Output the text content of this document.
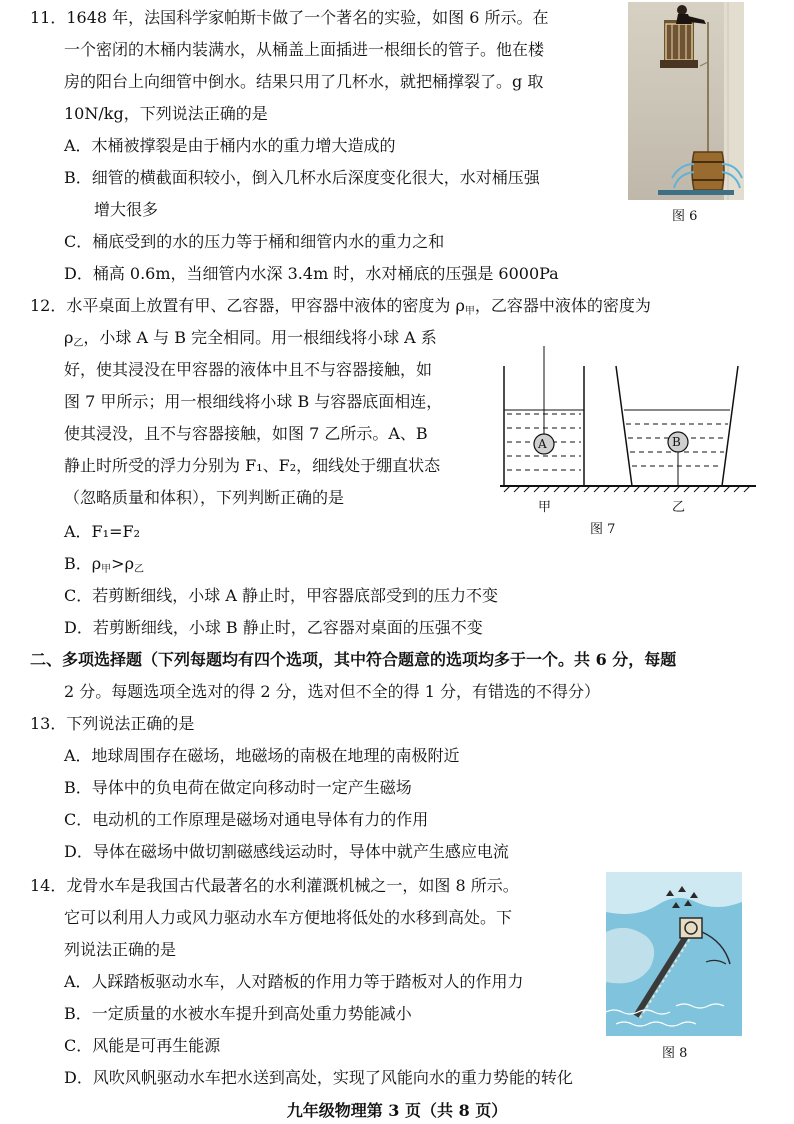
11．1648 年，法国科学家帕斯卡做了一个著名的实验，如图 6 所示。在
一个密闭的木桶内装满水，从桶盖上面插进一根细长的管子。他在楼
房的阳台上向细管中倒水。结果只用了几杯水，就把桶撑裂了。g 取
10N/kg，下列说法正确的是
A．木桶被撑裂是由于桶内水的重力增大造成的
B．细管的横截面积较小，倒入几杯水后深度变化很大，水对桶压强
增大很多
C．桶底受到的水的压力等于桶和细管内水的重力之和
D．桶高 0.6m，当细管内水深 3.4m 时，水对桶底的压强是 6000Pa
图 6
12．水平桌面上放置有甲、乙容器，甲容器中液体的密度为 $\rho_甲$，乙容器中液体的密度为
$\rho_乙$，小球 A 与 B 完全相同。用一根细线将小球 A 系
好，使其浸没在甲容器的液体中且不与容器接触，如
图 7 甲所示；用一根细线将小球 B 与容器底面相连，
使其浸没，且不与容器接触，如图 7 乙所示。A、B
静止时所受的浮力分别为 F₁、F₂，细线处于绷直状态
（忽略质量和体积），下列判断正确的是
A．F₁=F₂
B．$\rho_甲>\rho_乙$
C．若剪断细线，小球 A 静止时，甲容器底部受到的压力不变
D．若剪断细线，小球 B 静止时，乙容器对桌面的压强不变
A	B
甲	乙
图 7
二、多项选择题（下列每题均有四个选项，其中符合题意的选项均多于一个。共 6 分，每题
2 分。每题选项全选对的得 2 分，选对但不全的得 1 分，有错选的不得分）
13．下列说法正确的是
A．地球周围存在磁场，地磁场的南极在地理的南极附近
B．导体中的负电荷在做定向移动时一定产生磁场
C．电动机的工作原理是磁场对通电导体有力的作用
D．导体在磁场中做切割磁感线运动时，导体中就产生感应电流
14．龙骨水车是我国古代最著名的水利灌溉机械之一，如图 8 所示。
它可以利用人力或风力驱动水车方便地将低处的水移到高处。下
列说法正确的是
A．人踩踏板驱动水车，人对踏板的作用力等于踏板对人的作用力
B．一定质量的水被水车提升到高处重力势能减小
C．风能是可再生能源
D．风吹风帆驱动水车把水送到高处，实现了风能向水的重力势能的转化
图 8
九年级物理第 3 页（共 8 页）
